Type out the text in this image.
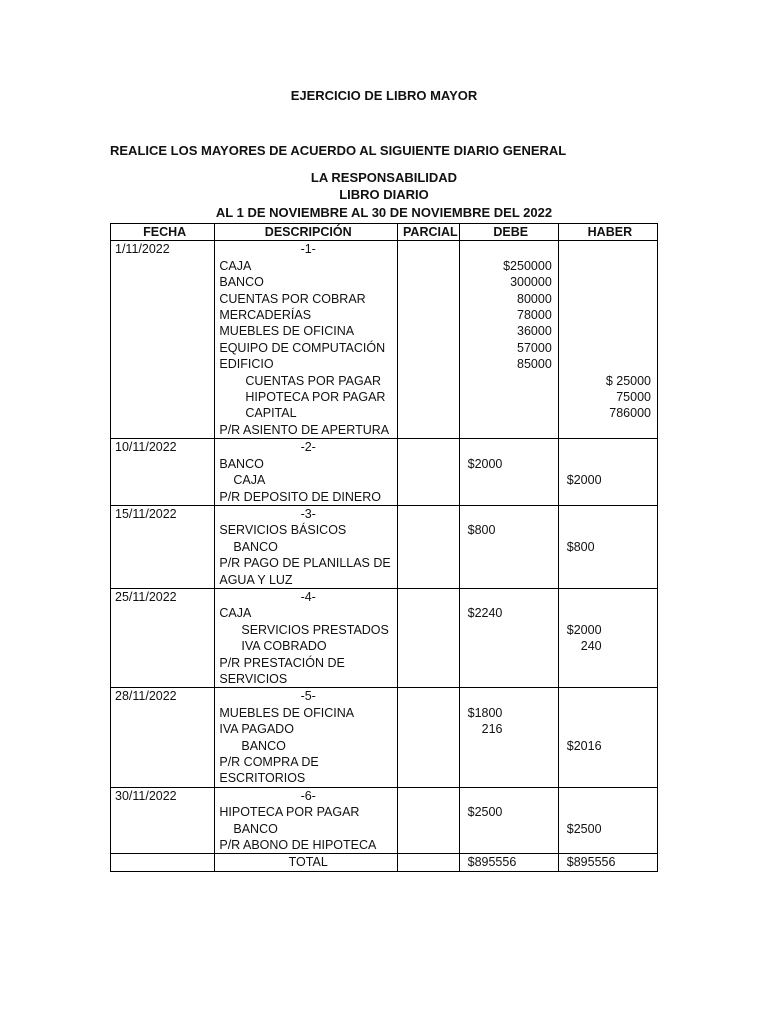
EJERCICIO DE LIBRO MAYOR
REALICE LOS MAYORES DE ACUERDO AL SIGUIENTE DIARIO GENERAL
LA RESPONSABILIDAD
LIBRO DIARIO
AL 1 DE NOVIEMBRE AL 30 DE NOVIEMBRE DEL 2022
FECHA	DESCRIPCIÓN	PARCIAL	DEBE	HABER
1/11/2022	-1-			
	CAJA		$250000	
	BANCO		300000	
	CUENTAS POR COBRAR		80000	
	MERCADERÍAS		78000	
	MUEBLES DE OFICINA		36000	
	EQUIPO DE COMPUTACIÓN		57000	
	EDIFICIO		85000	
	CUENTAS POR PAGAR			$ 25000
	HIPOTECA POR PAGAR			75000
	CAPITAL			786000
	P/R ASIENTO DE APERTURA			
10/11/2022	-2-			
	BANCO		$2000	
	CAJA			$2000
	P/R DEPOSITO DE DINERO			
15/11/2022	-3-			
	SERVICIOS BÁSICOS		$800	
	BANCO			$800
	P/R PAGO DE PLANILLAS DE			
	AGUA Y LUZ			
25/11/2022	-4-			
	CAJA		$2240	
	SERVICIOS PRESTADOS			$2000
	IVA COBRADO			240
	P/R PRESTACIÓN DE			
	SERVICIOS			
28/11/2022	-5-			
	MUEBLES DE OFICINA		$1800	
	IVA PAGADO		216	
	BANCO			$2016
	P/R COMPRA DE			
	ESCRITORIOS			
30/11/2022	-6-			
	HIPOTECA POR PAGAR		$2500	
	BANCO			$2500
	P/R ABONO DE HIPOTECA			
	TOTAL		$895556	$895556
